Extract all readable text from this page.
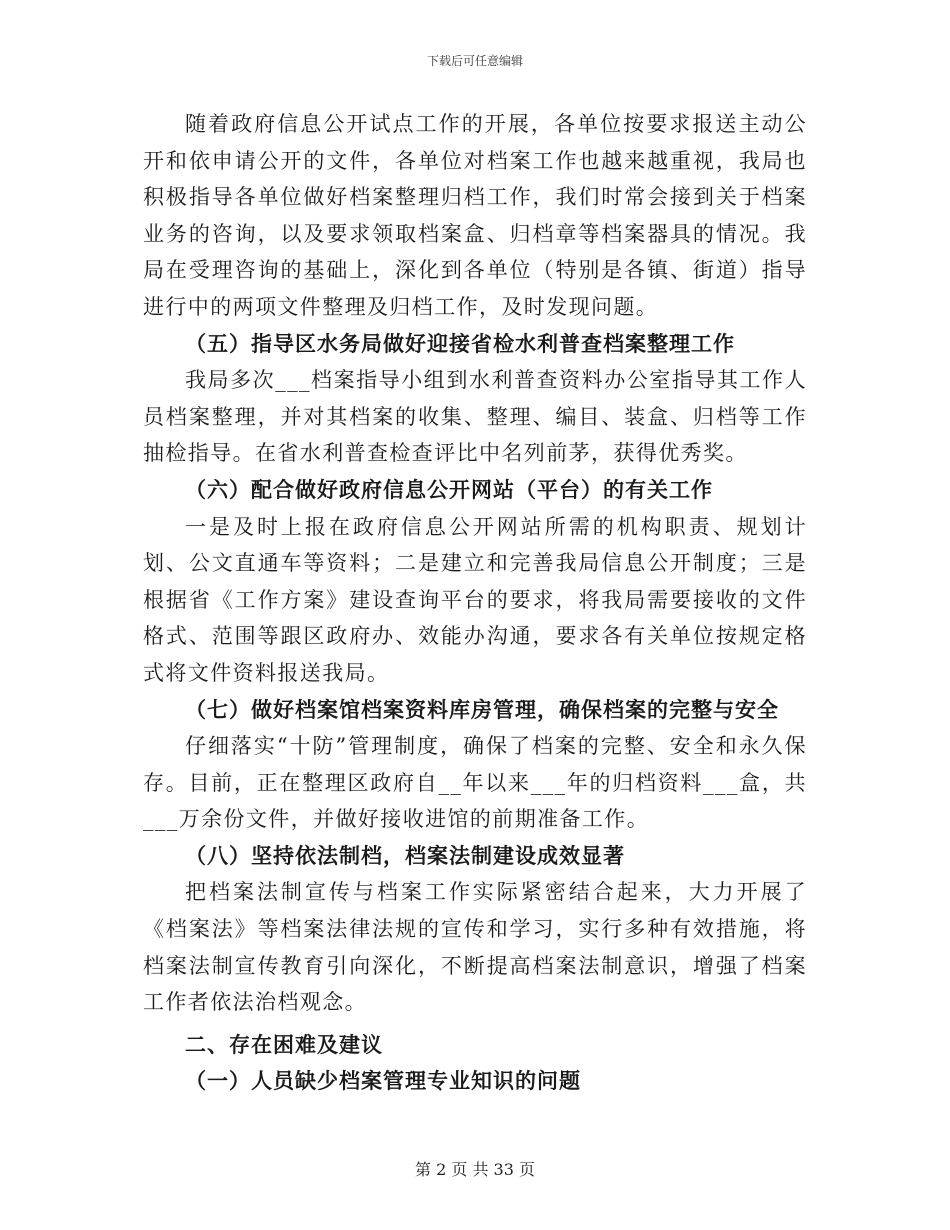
下载后可任意编辑

随着政府信息公开试点工作的开展，各单位按要求报送主动公开和依申请公开的文件，各单位对档案工作也越来越重视，我局也积极指导各单位做好档案整理归档工作，我们时常会接到关于档案业务的咨询，以及要求领取档案盒、归档章等档案器具的情况。我局在受理咨询的基础上，深化到各单位（特别是各镇、街道）指导进行中的两项文件整理及归档工作，及时发现问题。

（五）指导区水务局做好迎接省检水利普查档案整理工作

我局多次___档案指导小组到水利普查资料办公室指导其工作人员档案整理，并对其档案的收集、整理、编目、装盒、归档等工作抽检指导。在省水利普查检查评比中名列前茅，获得优秀奖。

（六）配合做好政府信息公开网站（平台）的有关工作

一是及时上报在政府信息公开网站所需的机构职责、规划计划、公文直通车等资料；二是建立和完善我局信息公开制度；三是根据省《工作方案》建设查询平台的要求，将我局需要接收的文件格式、范围等跟区政府办、效能办沟通，要求各有关单位按规定格式将文件资料报送我局。

（七）做好档案馆档案资料库房管理，确保档案的完整与安全

仔细落实“十防”管理制度，确保了档案的完整、安全和永久保存。目前，正在整理区政府自__年以来___年的归档资料___盒，共___万余份文件，并做好接收进馆的前期准备工作。

（八）坚持依法制档，档案法制建设成效显著

把档案法制宣传与档案工作实际紧密结合起来，大力开展了《档案法》等档案法律法规的宣传和学习，实行多种有效措施，将档案法制宣传教育引向深化，不断提高档案法制意识，增强了档案工作者依法治档观念。

二、存在困难及建议

（一）人员缺少档案管理专业知识的问题

第 2 页 共 33 页
